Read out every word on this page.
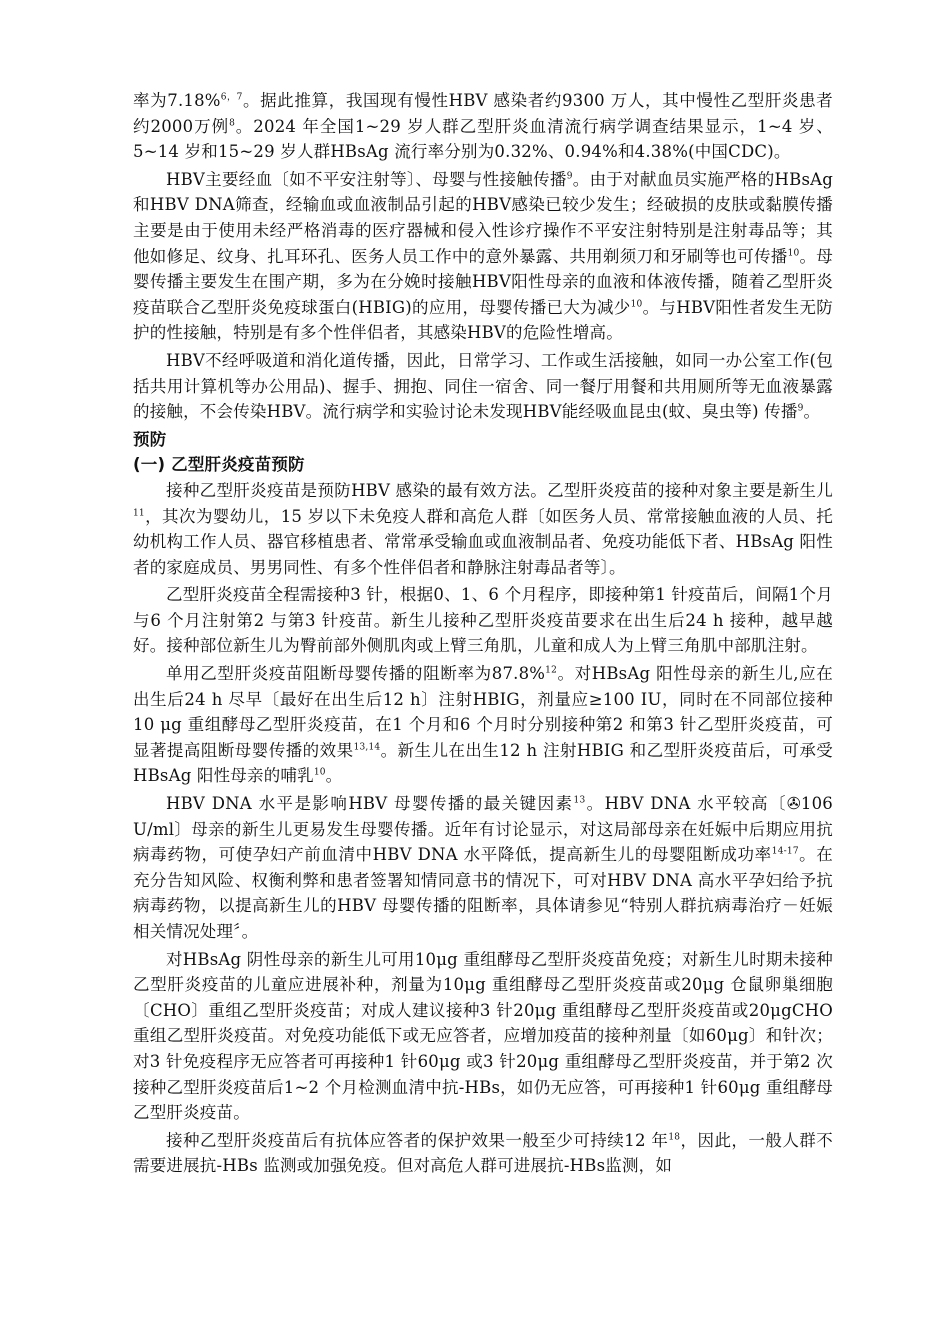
率为7.18%$^{6,7}$。据此推算，我国现有慢性HBV 感染者约9300 万人，其中慢性乙型肝炎患者约2000万例$^8$。2024 年全国1~29 岁人群乙型肝炎血清流行病学调查结果显示，1~4 岁、5~14 岁和15~29 岁人群HBsAg 流行率分别为0.32%、0.94%和4.38%(中国CDC)。

HBV主要经血〔如不平安注射等〕、母婴与性接触传播$^9$。由于对献血员实施严格的HBsAg和HBV DNA筛查，经输血或血液制品引起的HBV感染已较少发生；经破损的皮肤或黏膜传播主要是由于使用未经严格消毒的医疗器械和侵入性诊疗操作不平安注射特别是注射毒品等；其他如修足、纹身、扎耳环孔、医务人员工作中的意外暴露、共用剃须刀和牙刷等也可传播$^{10}$。母婴传播主要发生在围产期，多为在分娩时接触HBV阳性母亲的血液和体液传播，随着乙型肝炎疫苗联合乙型肝炎免疫球蛋白(HBIG)的应用，母婴传播已大为减少$^{10}$。与HBV阳性者发生无防护的性接触，特别是有多个性伴侣者，其感染HBV的危险性增高。

HBV不经呼吸道和消化道传播，因此，日常学习、工作或生活接触，如同一办公室工作(包括共用计算机等办公用品)、握手、拥抱、同住一宿舍、同一餐厅用餐和共用厕所等无血液暴露的接触，不会传染HBV。流行病学和实验讨论未发现HBV能经吸血昆虫(蚊、臭虫等) 传播$^9$。

预防
(一) 乙型肝炎疫苗预防

接种乙型肝炎疫苗是预防HBV 感染的最有效方法。乙型肝炎疫苗的接种对象主要是新生儿$^{11}$，其次为婴幼儿，15 岁以下未免疫人群和高危人群〔如医务人员、常常接触血液的人员、托幼机构工作人员、器官移植患者、常常承受输血或血液制品者、免疫功能低下者、HBsAg 阳性者的家庭成员、男男同性、有多个性伴侣者和静脉注射毒品者等〕。

乙型肝炎疫苗全程需接种3 针，根据0、1、6 个月程序，即接种第1 针疫苗后，间隔1个月与6 个月注射第2 与第3 针疫苗。新生儿接种乙型肝炎疫苗要求在出生后24 h 接种，越早越好。接种部位新生儿为臀前部外侧肌肉或上臂三角肌，儿童和成人为上臂三角肌中部肌注射。

单用乙型肝炎疫苗阻断母婴传播的阻断率为87.8%$^{12}$。对HBsAg 阳性母亲的新生儿,应在出生后24 h 尽早〔最好在出生后12 h〕注射HBIG，剂量应≥100 IU，同时在不同部位接种10 μg 重组酵母乙型肝炎疫苗，在1 个月和6 个月时分别接种第2 和第3 针乙型肝炎疫苗，可显著提高阻断母婴传播的效果$^{13,14}$。新生儿在出生12 h 注射HBIG 和乙型肝炎疫苗后，可承受HBsAg 阳性母亲的哺乳$^{10}$。

HBV DNA 水平是影响HBV 母婴传播的最关键因素$^{13}$。HBV DNA 水平较高〔✇106 U/ml〕母亲的新生儿更易发生母婴传播。近年有讨论显示，对这局部母亲在妊娠中后期应用抗病毒药物，可使孕妇产前血清中HBV DNA 水平降低，提高新生儿的母婴阻断成功率$^{14-17}$。在充分告知风险、权衡利弊和患者签署知情同意书的情况下，可对HBV DNA 高水平孕妇给予抗病毒药物，以提高新生儿的HBV 母婴传播的阻断率，具体请参见“特别人群抗病毒治疗－妊娠相关情况处理〞。

对HBsAg 阴性母亲的新生儿可用10μg 重组酵母乙型肝炎疫苗免疫；对新生儿时期未接种乙型肝炎疫苗的儿童应进展补种，剂量为10μg 重组酵母乙型肝炎疫苗或20μg 仓鼠卵巢细胞〔CHO〕重组乙型肝炎疫苗；对成人建议接种3 针20μg 重组酵母乙型肝炎疫苗或20μgCHO 重组乙型肝炎疫苗。对免疫功能低下或无应答者，应增加疫苗的接种剂量〔如60μg〕和针次；对3 针免疫程序无应答者可再接种1 针60μg 或3 针20μg 重组酵母乙型肝炎疫苗，并于第2 次接种乙型肝炎疫苗后1~2 个月检测血清中抗-HBs，如仍无应答，可再接种1 针60μg 重组酵母乙型肝炎疫苗。

接种乙型肝炎疫苗后有抗体应答者的保护效果一般至少可持续12 年$^{18}$，因此，一般人群不需要进展抗-HBs 监测或加强免疫。但对高危人群可进展抗-HBs监测，如
